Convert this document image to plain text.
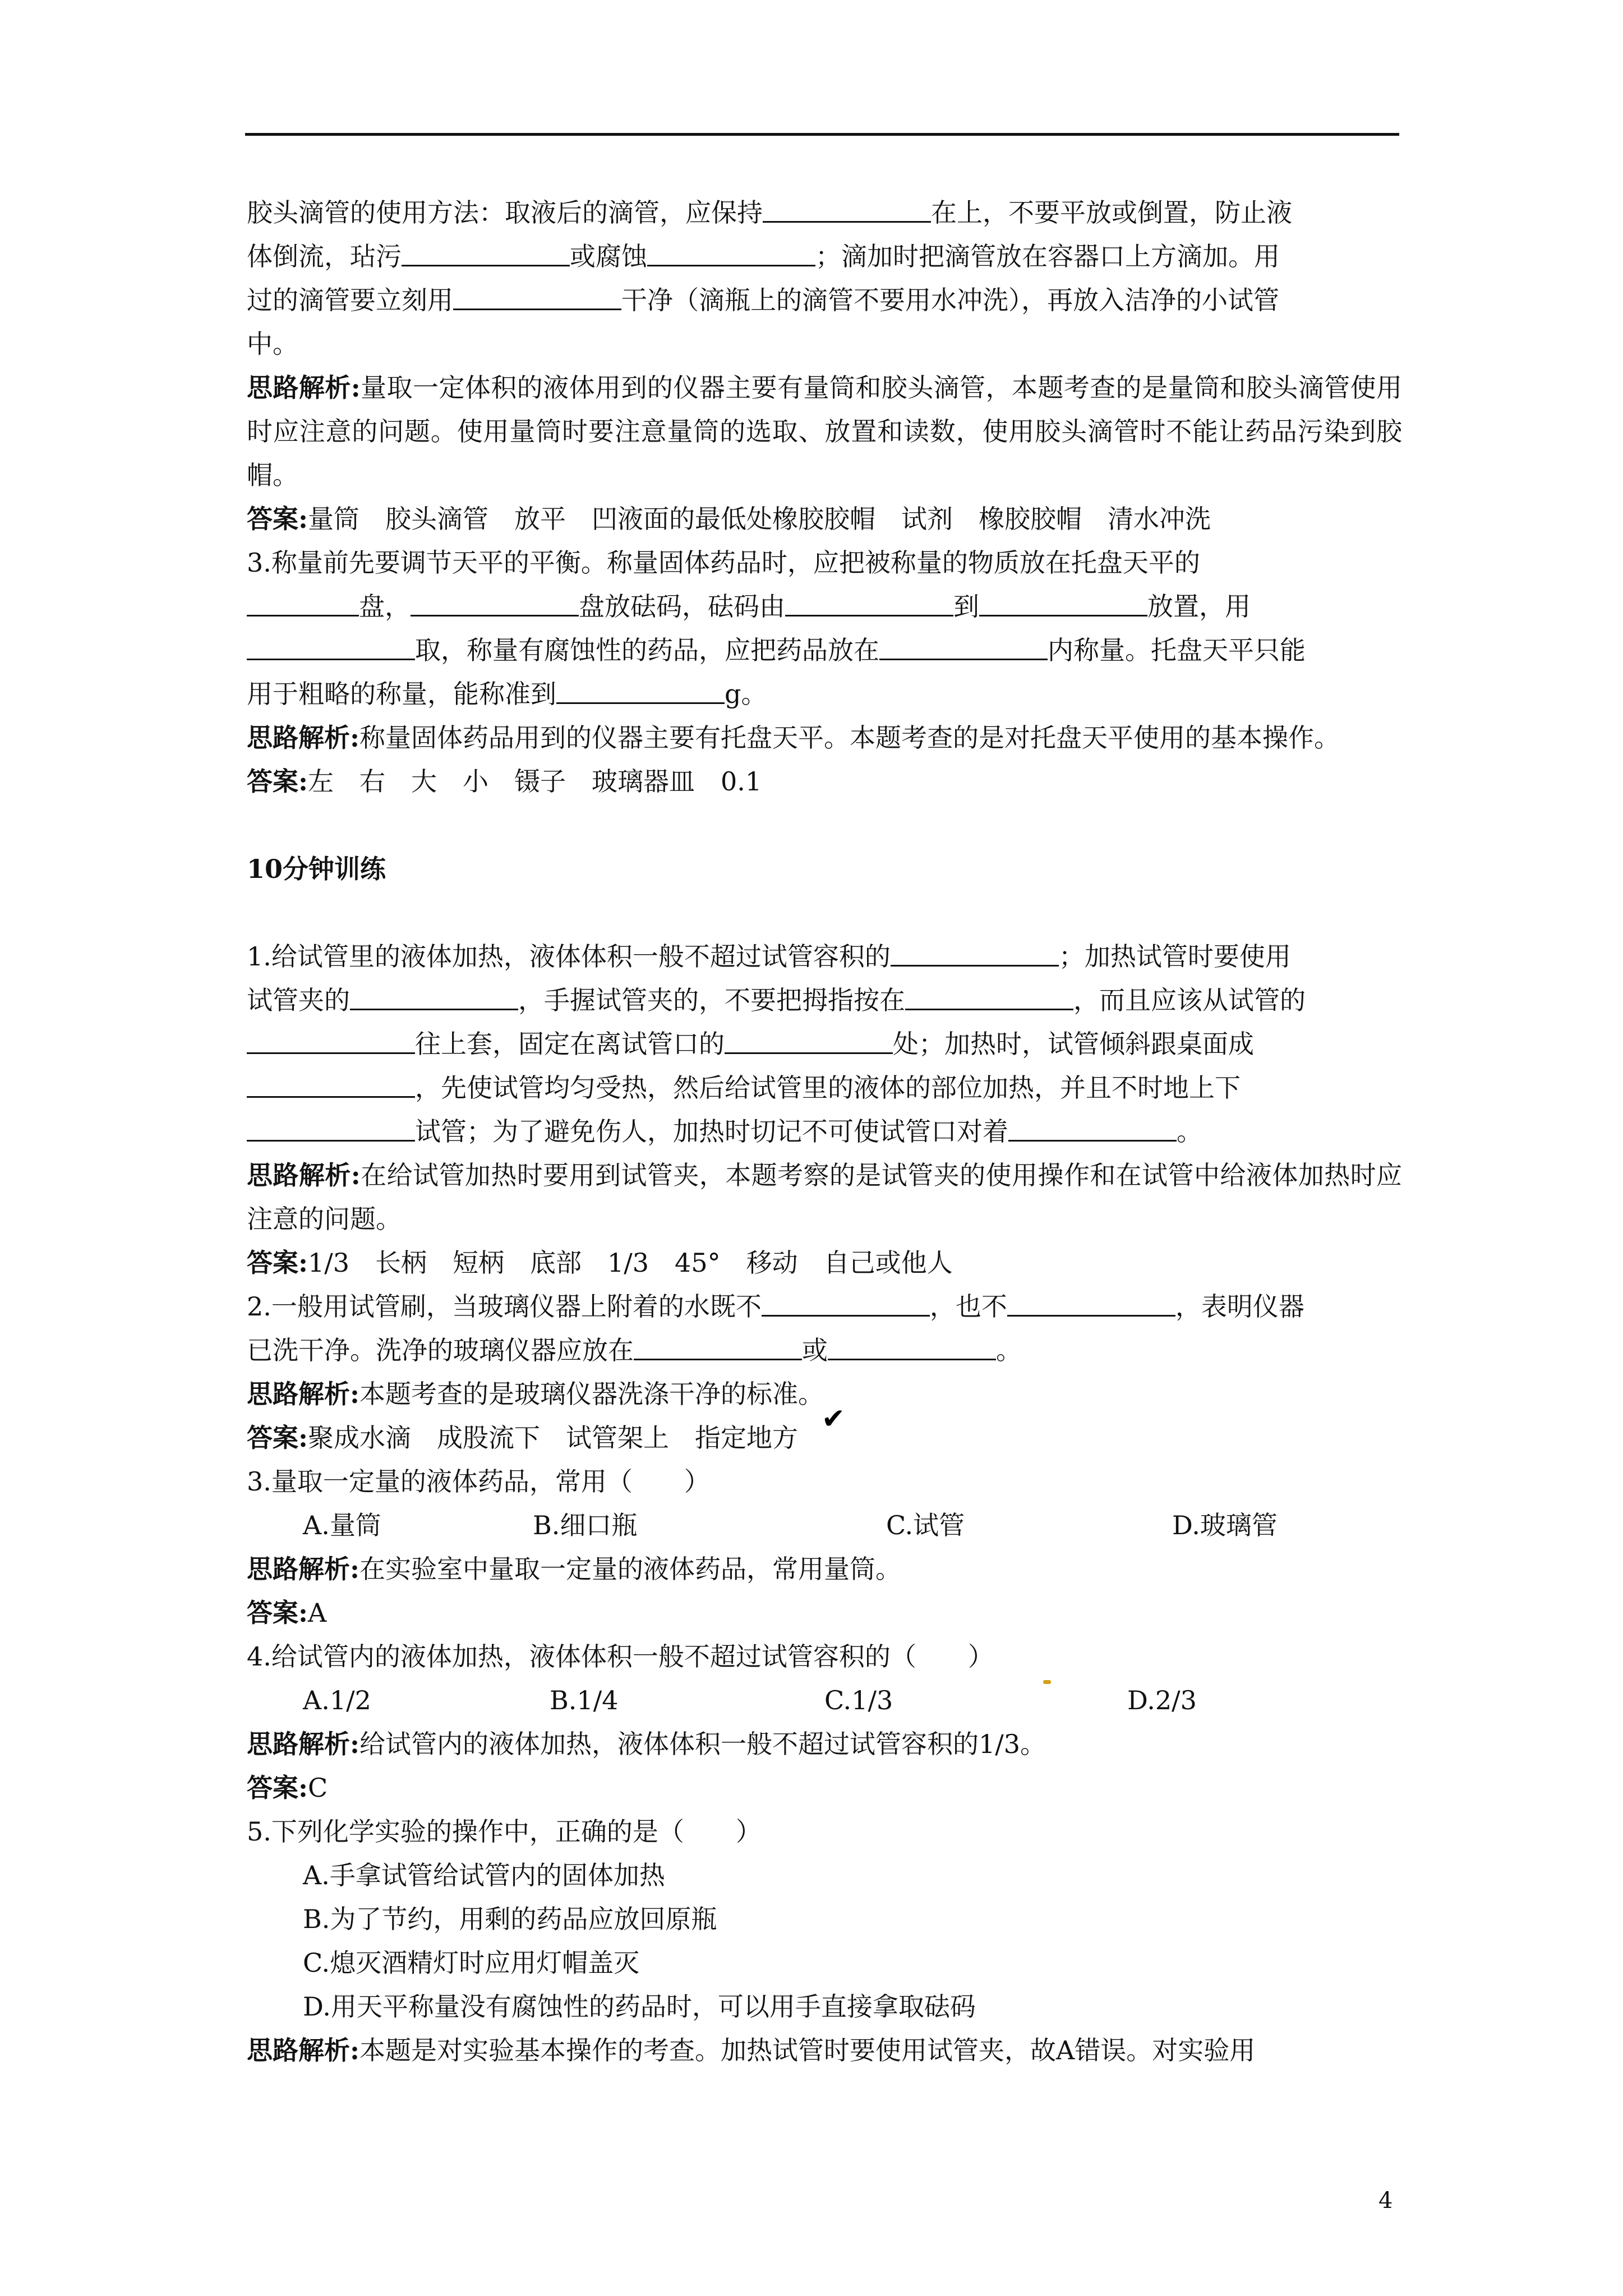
胶头滴管的使用方法：取液后的滴管，应保持	在上，不要平放或倒置，防止液

体倒流，玷污	或腐蚀	；滴加时把滴管放在容器口上方滴加。用

过的滴管要立刻用	干净（滴瓶上的滴管不要用水冲洗），再放入洁净的小试管

中。

思路解析:量取一定体积的液体用到的仪器主要有量筒和胶头滴管，本题考查的是量筒和胶头滴管使用时应注意的问题。使用量筒时要注意量筒的选取、放置和读数，使用胶头滴管时不能让药品污染到胶帽。

答案:量筒　胶头滴管　放平　凹液面的最低处橡胶胶帽　试剂　橡胶胶帽　清水冲洗

3.称量前先要调节天平的平衡。称量固体药品时，应把被称量的物质放在托盘天平的

盘，	盘放砝码，砝码由	到	放置，用

取，称量有腐蚀性的药品，应把药品放在	内称量。托盘天平只能

用于粗略的称量，能称准到	g。

思路解析:称量固体药品用到的仪器主要有托盘天平。本题考查的是对托盘天平使用的基本操作。

答案:左　右　大　小　镊子　玻璃器皿　0.1

10分钟训练

1.给试管里的液体加热，液体体积一般不超过试管容积的	；加热试管时要使用

试管夹的	，手握试管夹的，不要把拇指按在	，而且应该从试管的

往上套，固定在离试管口的	处；加热时，试管倾斜跟桌面成

，先使试管均匀受热，然后给试管里的液体的部位加热，并且不时地上下

试管；为了避免伤人，加热时切记不可使试管口对着	。

思路解析:在给试管加热时要用到试管夹，本题考察的是试管夹的使用操作和在试管中给液体加热时应注意的问题。

答案:1/3　长柄　短柄　底部　1/3　45°　移动　自己或他人

2.一般用试管刷，当玻璃仪器上附着的水既不	，也不	，表明仪器

已洗干净。洗净的玻璃仪器应放在	或	。

思路解析:本题考查的是玻璃仪器洗涤干净的标准。

答案:聚成水滴　成股流下　试管架上　指定地方

3.量取一定量的液体药品，常用（　　）

A.量筒	B.细口瓶	C.试管	D.玻璃管

思路解析:在实验室中量取一定量的液体药品，常用量筒。

答案:A

4.给试管内的液体加热，液体体积一般不超过试管容积的（　　）

A.1/2	B.1/4	C.1/3	D.2/3

思路解析:给试管内的液体加热，液体体积一般不超过试管容积的1/3。

答案:C

5.下列化学实验的操作中，正确的是（　　）

A.手拿试管给试管内的固体加热

B.为了节约，用剩的药品应放回原瓶

C.熄灭酒精灯时应用灯帽盖灭

D.用天平称量没有腐蚀性的药品时，可以用手直接拿取砝码

思路解析:本题是对实验基本操作的考查。加热试管时要使用试管夹，故A错误。对实验用

✔
4
